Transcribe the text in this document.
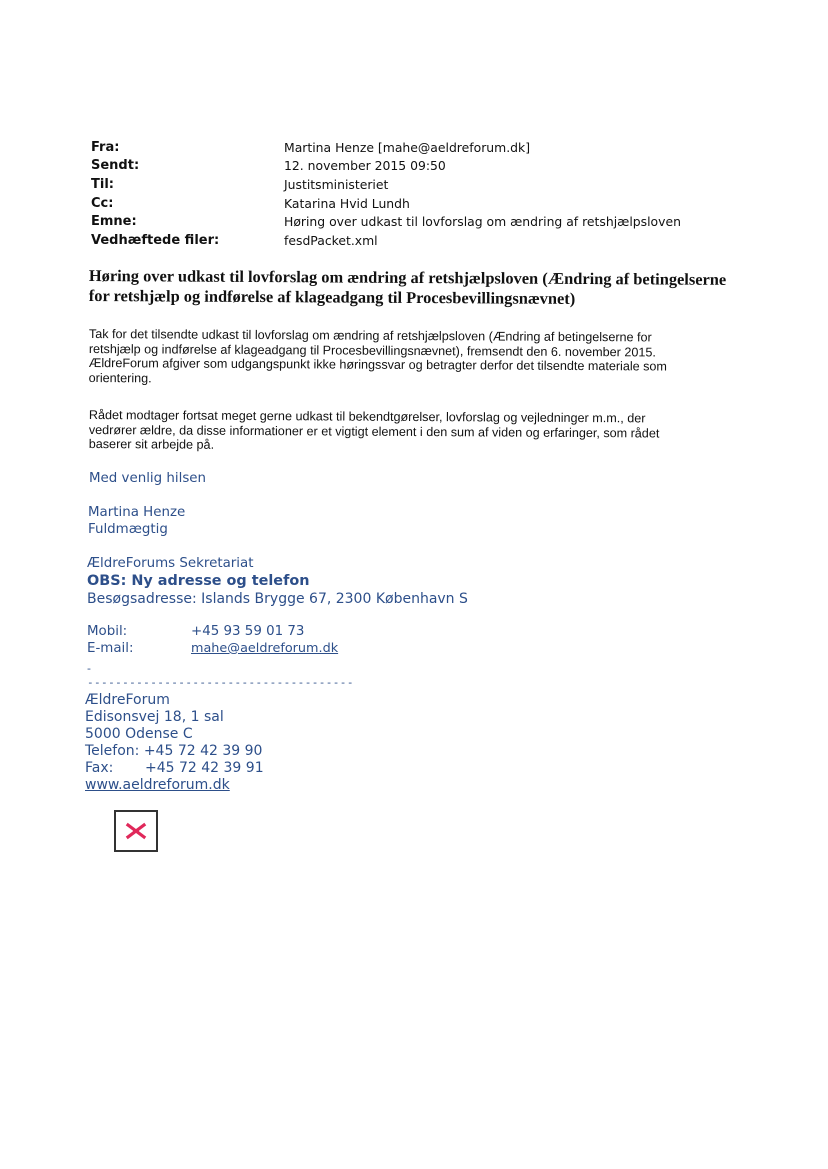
Fra:	Martina Henze [mahe@aeldreforum.dk]
Sendt:	12. november 2015 09:50
Til:	Justitsministeriet
Cc:	Katarina Hvid Lundh
Emne:	Høring over udkast til lovforslag om ændring af retshjælpsloven
Vedhæftede filer:	fesdPacket.xml
Høring over udkast til lovforslag om ændring af retshjælpsloven (Ændring af betingelserne
for retshjælp og indførelse af klageadgang til Procesbevillingsnævnet)
Tak for det tilsendte udkast til lovforslag om ændring af retshjælpsloven (Ændring af betingelserne for
retshjælp og indførelse af klageadgang til Procesbevillingsnævnet), fremsendt den 6. november 2015.
ÆldreForum afgiver som udgangspunkt ikke høringssvar og betragter derfor det tilsendte materiale som
orientering.
Rådet modtager fortsat meget gerne udkast til bekendtgørelser, lovforslag og vejledninger m.m., der
vedrører ældre, da disse informationer er et vigtigt element i den sum af viden og erfaringer, som rådet
baserer sit arbejde på.
Med venlig hilsen
Martina Henze
Fuldmægtig
ÆldreForums Sekretariat
OBS: Ny adresse og telefon
Besøgsadresse: Islands Brygge 67, 2300 København S
Mobil:	+45 93 59 01 73
E-mail:	mahe@aeldreforum.dk
-
--------------------------------------
ÆldreForum
Edisonsvej 18, 1 sal
5000 Odense C
Telefon: +45 72 42 39 90
Fax:	+45 72 42 39 91
www.aeldreforum.dk
